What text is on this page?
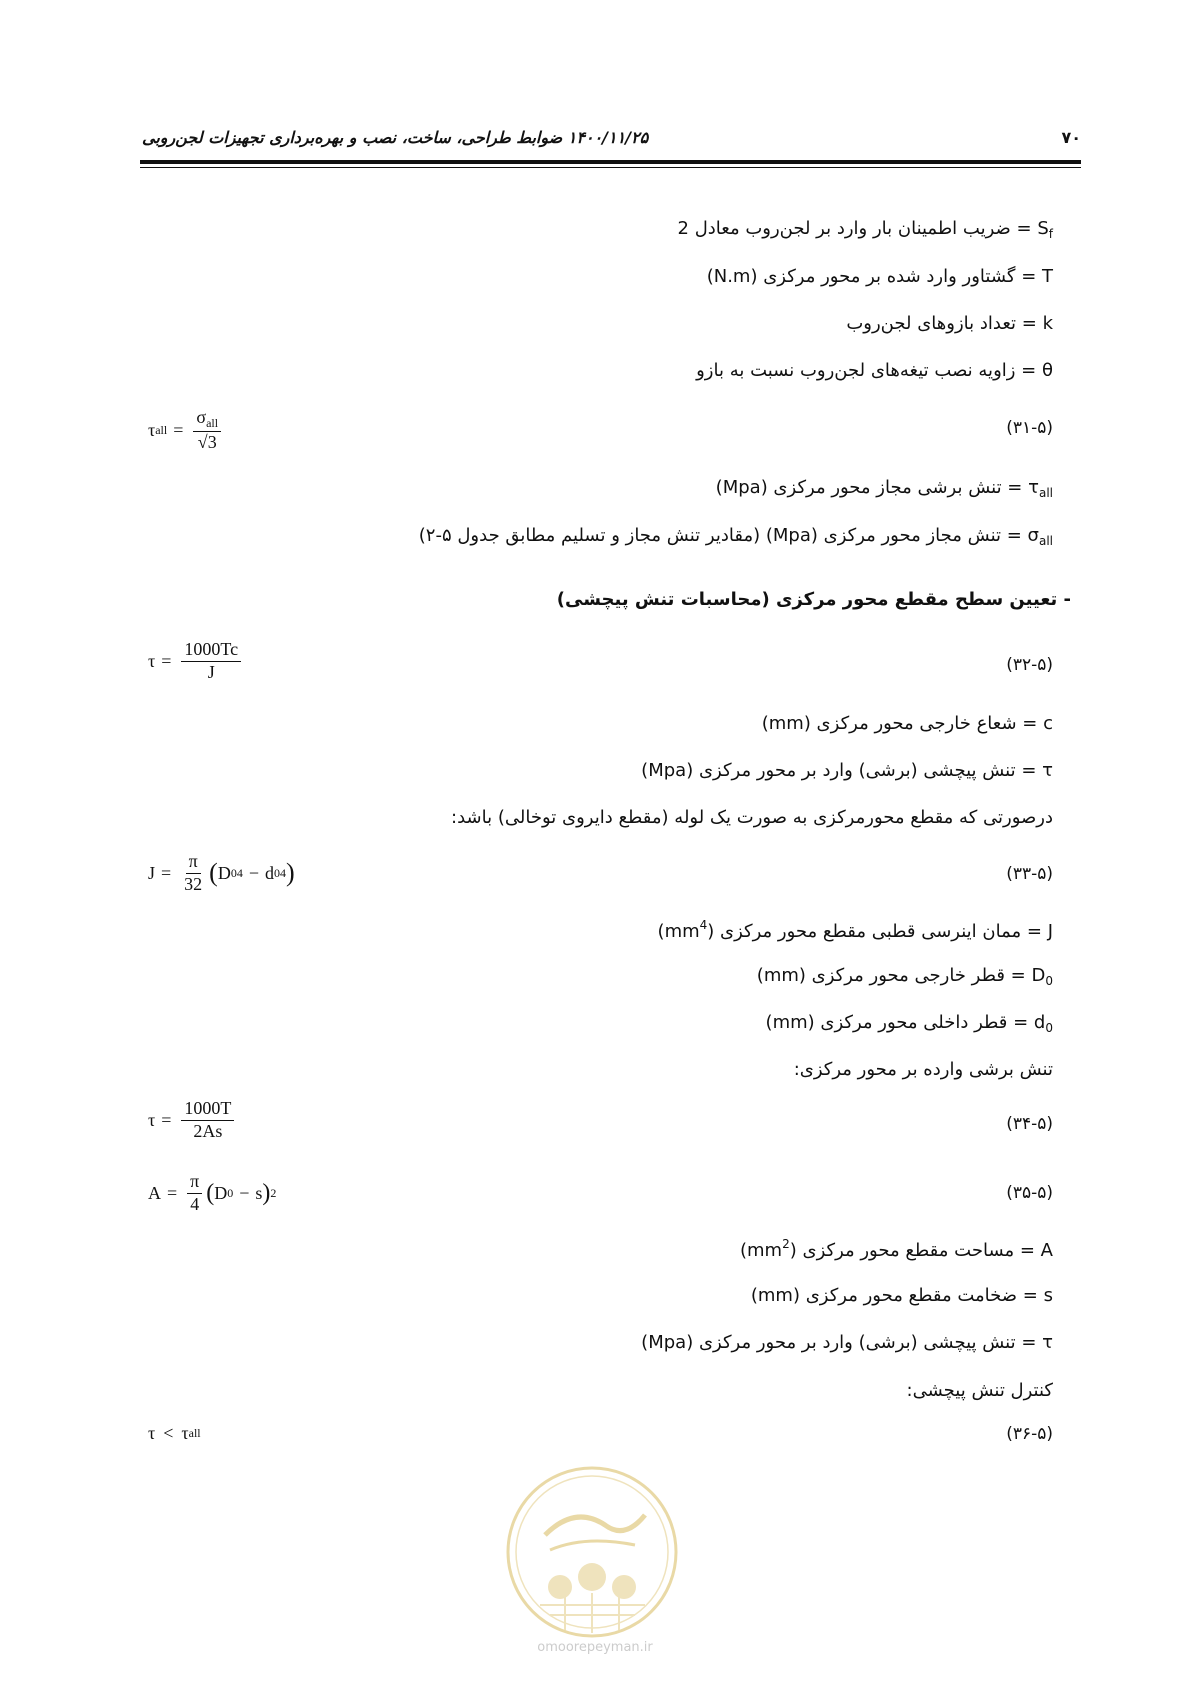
۱۴۰۰/۱۱/۲۵ ضوابط طراحی، ساخت، نصب و بهره‌برداری تجهیزات لجن‌روبی	۷۰
$S_f$ = ضریب اطمینان بار وارد بر لجن‌روب معادل 2
T = گشتاور وارد شده بر محور مرکزی (N.m)
k = تعداد بازوهای لجن‌روب
θ = زاویه نصب تیغه‌های لجن‌روب نسبت به بازو
τ all = $\frac{\sigma_{all}}{√3}$	(۳۱-۵)
$\tau_{all}$ = تنش برشی مجاز محور مرکزی (Mpa)
$\sigma_{all}$ = تنش مجاز محور مرکزی (Mpa) (مقادیر تنش مجاز و تسلیم مطابق جدول ۵-۲)
- تعیین سطح مقطع محور مرکزی (محاسبات تنش پیچشی)
$\tau = \frac{1000Tc}{J}$	(۳۲-۵)
c = شعاع خارجی محور مرکزی (mm)
τ = تنش پیچشی (برشی) وارد بر محور مرکزی (Mpa)
درصورتی که مقطع محورمرکزی به صورت یک لوله (مقطع دایروی توخالی) باشد:
$J = \frac{\pi}{32}$ ( D 0 4 − d 0 4 )	(۳۳-۵)
J = ممان اینرسی قطبی مقطع محور مرکزی $(mm^4)$
$D_0$ = قطر خارجی محور مرکزی (mm)
$d_0$ = قطر داخلی محور مرکزی (mm)
تنش برشی وارده بر محور مرکزی:
$\tau = \frac{1000T}{2As}$	(۳۴-۵)
$A = \frac{\pi}{4}$ ( D 0 − s ) 2	(۳۵-۵)
A = مساحت مقطع محور مرکزی $(mm^2)$
s = ضخامت مقطع محور مرکزی (mm)
τ = تنش پیچشی (برشی) وارد بر محور مرکزی (Mpa)
کنترل تنش پیچشی:
τ < τ all	(۳۶-۵)
omoorepeyman.ir
